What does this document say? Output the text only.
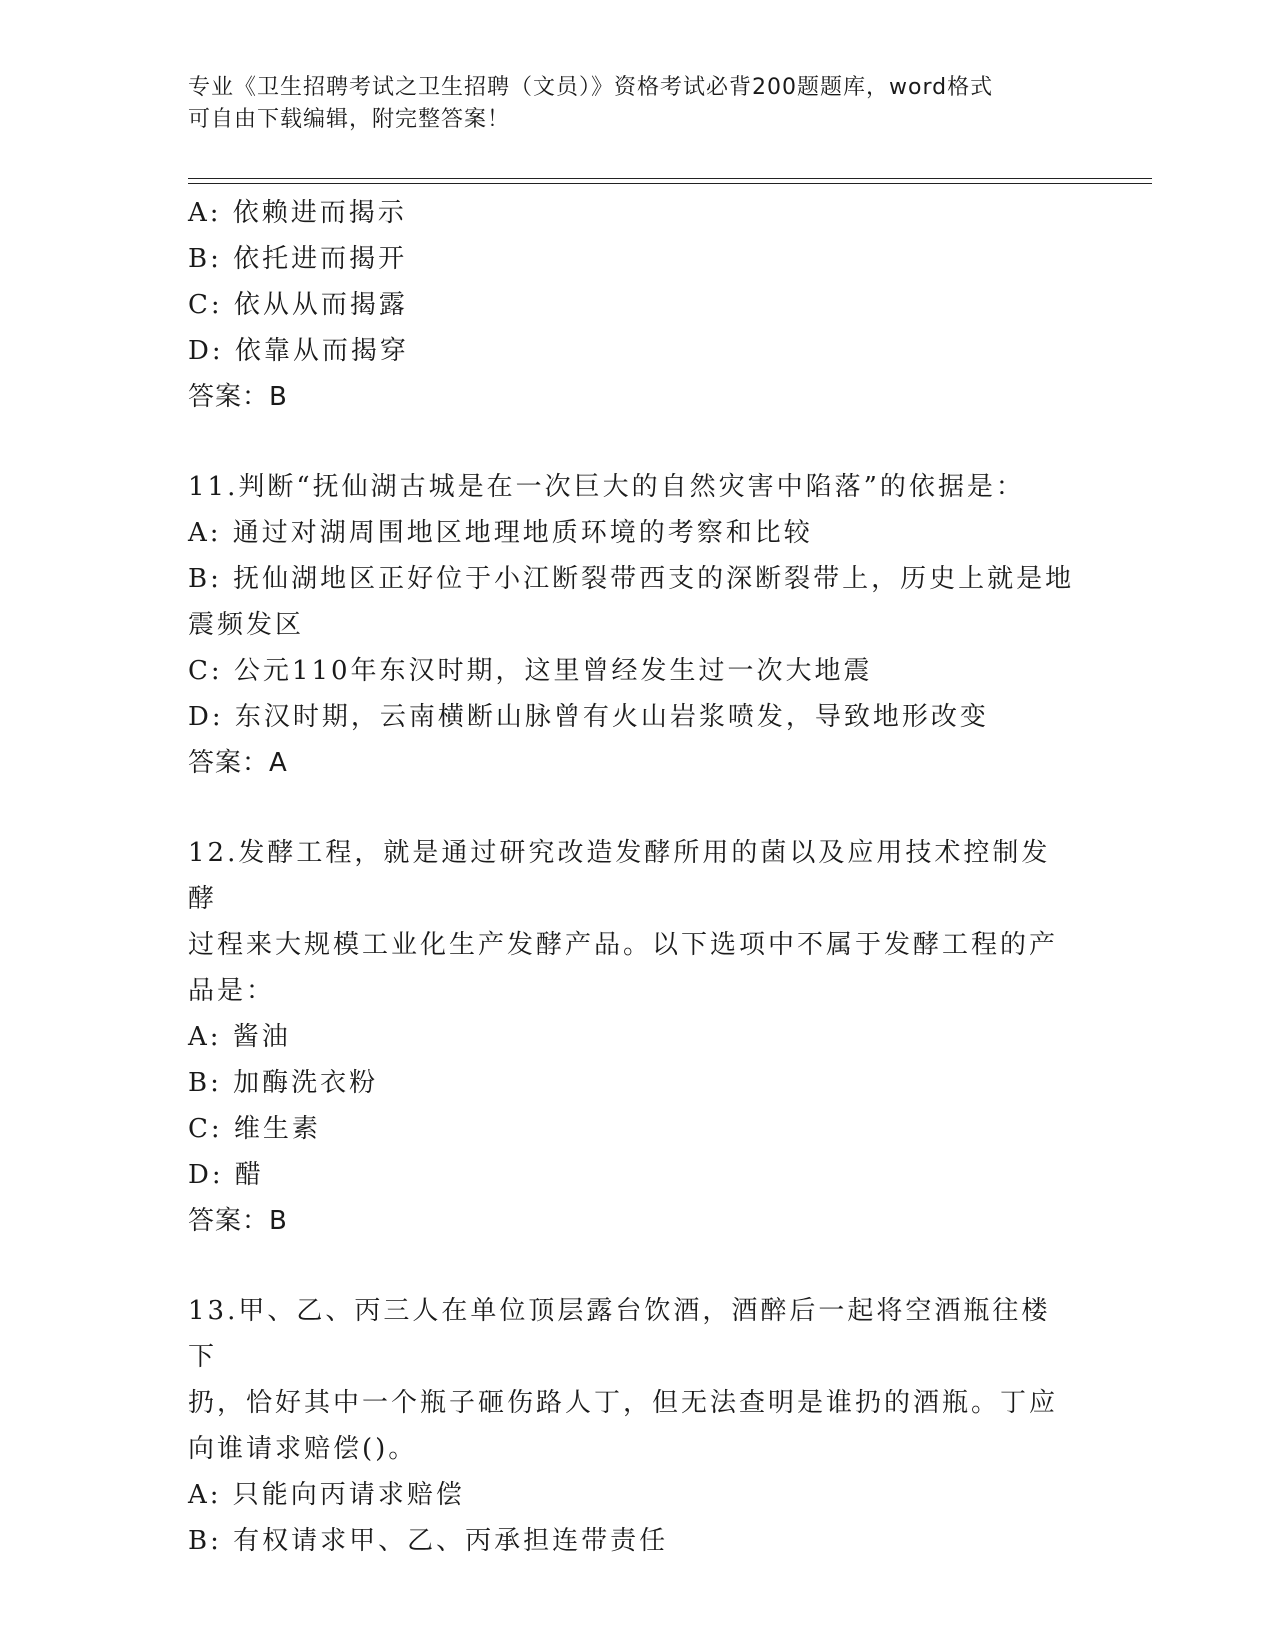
专业《卫生招聘考试之卫生招聘（文员）》资格考试必背200题题库，word格式
可自由下载编辑，附完整答案！
A: 依赖进而揭示
B: 依托进而揭开
C: 依从从而揭露
D: 依靠从而揭穿
答案：B
11.判断“抚仙湖古城是在一次巨大的自然灾害中陷落”的依据是：
A: 通过对湖周围地区地理地质环境的考察和比较
B: 抚仙湖地区正好位于小江断裂带西支的深断裂带上，历史上就是地
震频发区
C: 公元110年东汉时期，这里曾经发生过一次大地震
D: 东汉时期，云南横断山脉曾有火山岩浆喷发，导致地形改变
答案：A
12.发酵工程，就是通过研究改造发酵所用的菌以及应用技术控制发酵
过程来大规模工业化生产发酵产品。以下选项中不属于发酵工程的产
品是：
A: 酱油
B: 加酶洗衣粉
C: 维生素
D: 醋
答案：B
13.甲、乙、丙三人在单位顶层露台饮酒，酒醉后一起将空酒瓶往楼下
扔，恰好其中一个瓶子砸伤路人丁，但无法查明是谁扔的酒瓶。丁应
向谁请求赔偿()。
A: 只能向丙请求赔偿
B: 有权请求甲、乙、丙承担连带责任
